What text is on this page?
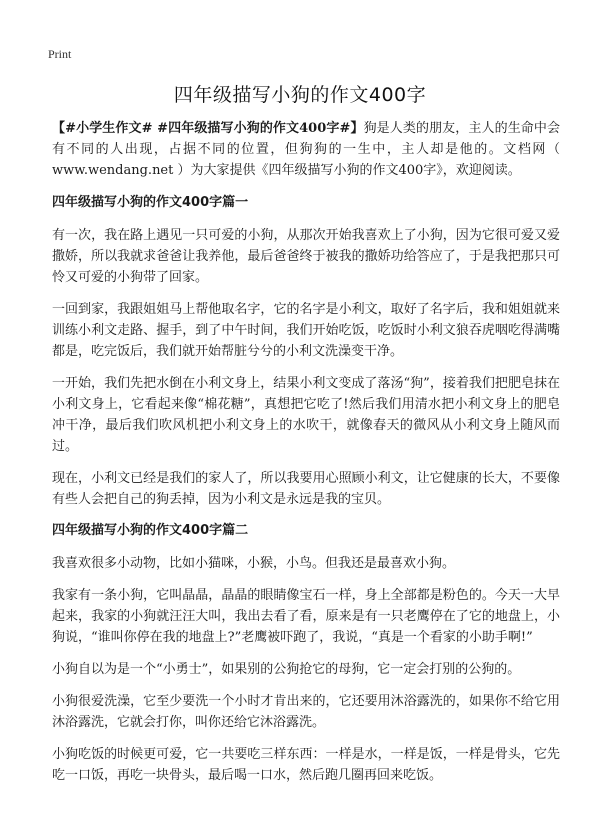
Print
四年级描写小狗的作文400字

【#小学生作文# #四年级描写小狗的作文400字#】狗是人类的朋友，主人的生命中会有不同的人出现，占据不同的位置，但狗狗的一生中，主人却是他的。文档网（ www.wendang.net ）为大家提供《四年级描写小狗的作文400字》，欢迎阅读。

四年级描写小狗的作文400字篇一

有一次，我在路上遇见一只可爱的小狗，从那次开始我喜欢上了小狗，因为它很可爱又爱撒娇，所以我就求爸爸让我养他，最后爸爸终于被我的撒娇功给答应了，于是我把那只可怜又可爱的小狗带了回家。

一回到家，我跟姐姐马上帮他取名字，它的名字是小利文，取好了名字后，我和姐姐就来训练小利文走路、握手，到了中午时间，我们开始吃饭，吃饭时小利文狼吞虎咽吃得满嘴都是，吃完饭后，我们就开始帮脏兮兮的小利文洗澡变干净。

一开始，我们先把水倒在小利文身上，结果小利文变成了落汤“狗”，接着我们把肥皂抹在小利文身上，它看起来像“棉花糖”，真想把它吃了!然后我们用清水把小利文身上的肥皂冲干净，最后我们吹风机把小利文身上的水吹干，就像春天的微风从小利文身上随风而过。

现在，小利文已经是我们的家人了，所以我要用心照顾小利文，让它健康的长大，不要像有些人会把自己的狗丢掉，因为小利文是永远是我的宝贝。

四年级描写小狗的作文400字篇二

我喜欢很多小动物，比如小猫咪，小猴，小鸟。但我还是最喜欢小狗。

我家有一条小狗，它叫晶晶，晶晶的眼睛像宝石一样，身上全部都是粉色的。今天一大早起来，我家的小狗就汪汪大叫，我出去看了看，原来是有一只老鹰停在了它的地盘上，小狗说，“谁叫你停在我的地盘上?”老鹰被吓跑了，我说，“真是一个看家的小助手啊!”

小狗自以为是一个“小勇士”，如果别的公狗抢它的母狗，它一定会打别的公狗的。

小狗很爱洗澡，它至少要洗一个小时才肯出来的，它还要用沐浴露洗的，如果你不给它用沐浴露洗，它就会打你，叫你还给它沐浴露洗。

小狗吃饭的时候更可爱，它一共要吃三样东西：一样是水，一样是饭，一样是骨头，它先吃一口饭，再吃一块骨头，最后喝一口水，然后跑几圈再回来吃饭。
